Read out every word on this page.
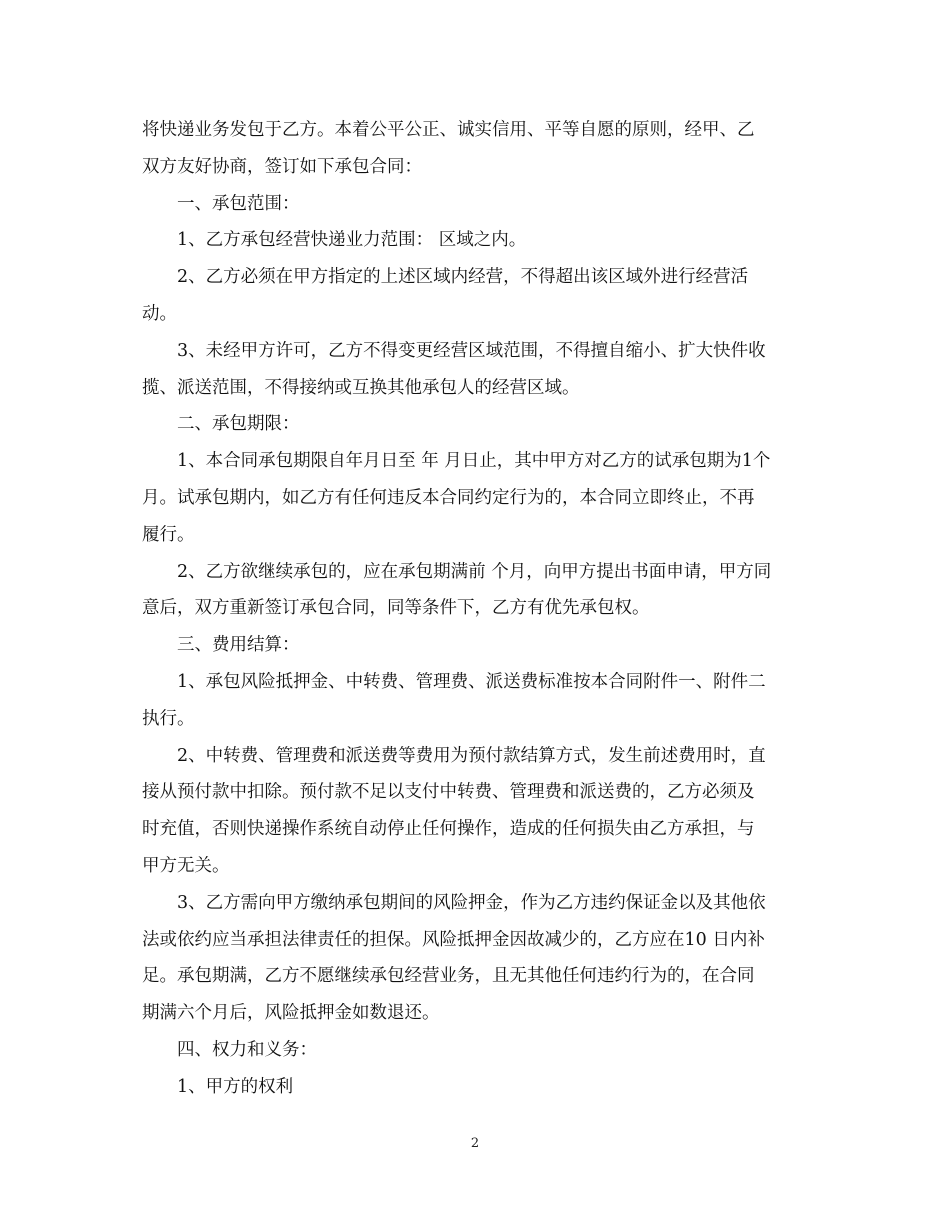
将快递业务发包于乙方。本着公平公正、诚实信用、平等自愿的原则，经甲、乙
双方友好协商，签订如下承包合同：
一、承包范围：
1、乙方承包经营快递业力范围： 区域之内。
2、乙方必须在甲方指定的上述区域内经营，不得超出该区域外进行经营活
动。
3、未经甲方许可，乙方不得变更经营区域范围，不得擅自缩小、扩大快件收
揽、派送范围，不得接纳或互换其他承包人的经营区域。
二、承包期限：
1、本合同承包期限自年月日至 年 月日止，其中甲方对乙方的试承包期为1个
月。试承包期内，如乙方有任何违反本合同约定行为的，本合同立即终止，不再
履行。
2、乙方欲继续承包的，应在承包期满前 个月，向甲方提出书面申请，甲方同
意后，双方重新签订承包合同，同等条件下，乙方有优先承包权。
三、费用结算：
1、承包风险抵押金、中转费、管理费、派送费标准按本合同附件一、附件二
执行。
2、中转费、管理费和派送费等费用为预付款结算方式，发生前述费用时，直
接从预付款中扣除。预付款不足以支付中转费、管理费和派送费的，乙方必须及
时充值，否则快递操作系统自动停止任何操作，造成的任何损失由乙方承担，与
甲方无关。
3、乙方需向甲方缴纳承包期间的风险押金，作为乙方违约保证金以及其他依
法或依约应当承担法律责任的担保。风险抵押金因故减少的，乙方应在10 日内补
足。承包期满，乙方不愿继续承包经营业务，且无其他任何违约行为的，在合同
期满六个月后，风险抵押金如数退还。
四、权力和义务：
1、甲方的权利
2
